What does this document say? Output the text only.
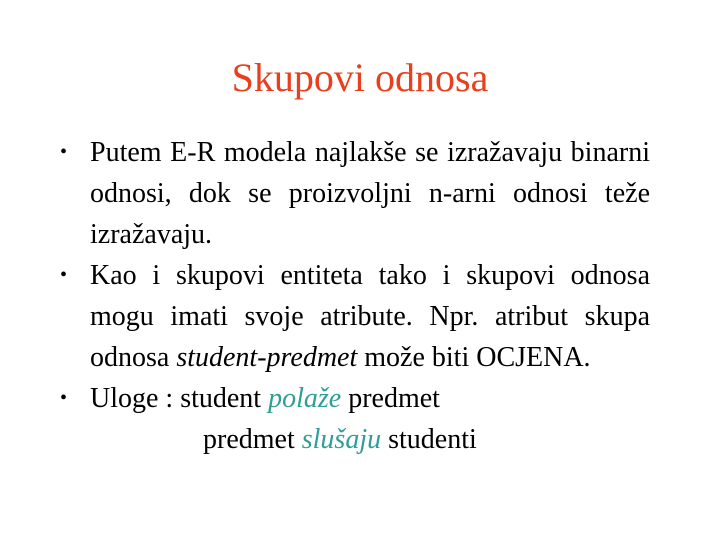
Skupovi odnosa

• Putem E-R modela najlakše se izražavaju binarni odnosi, dok se proizvoljni n-arni odnosi teže izražavaju.

• Kao i skupovi entiteta tako i skupovi odnosa mogu imati svoje atribute. Npr. atribut skupa odnosa student-predmet može biti OCJENA.

• Uloge : student polaže predmet
predmet slušaju studenti
